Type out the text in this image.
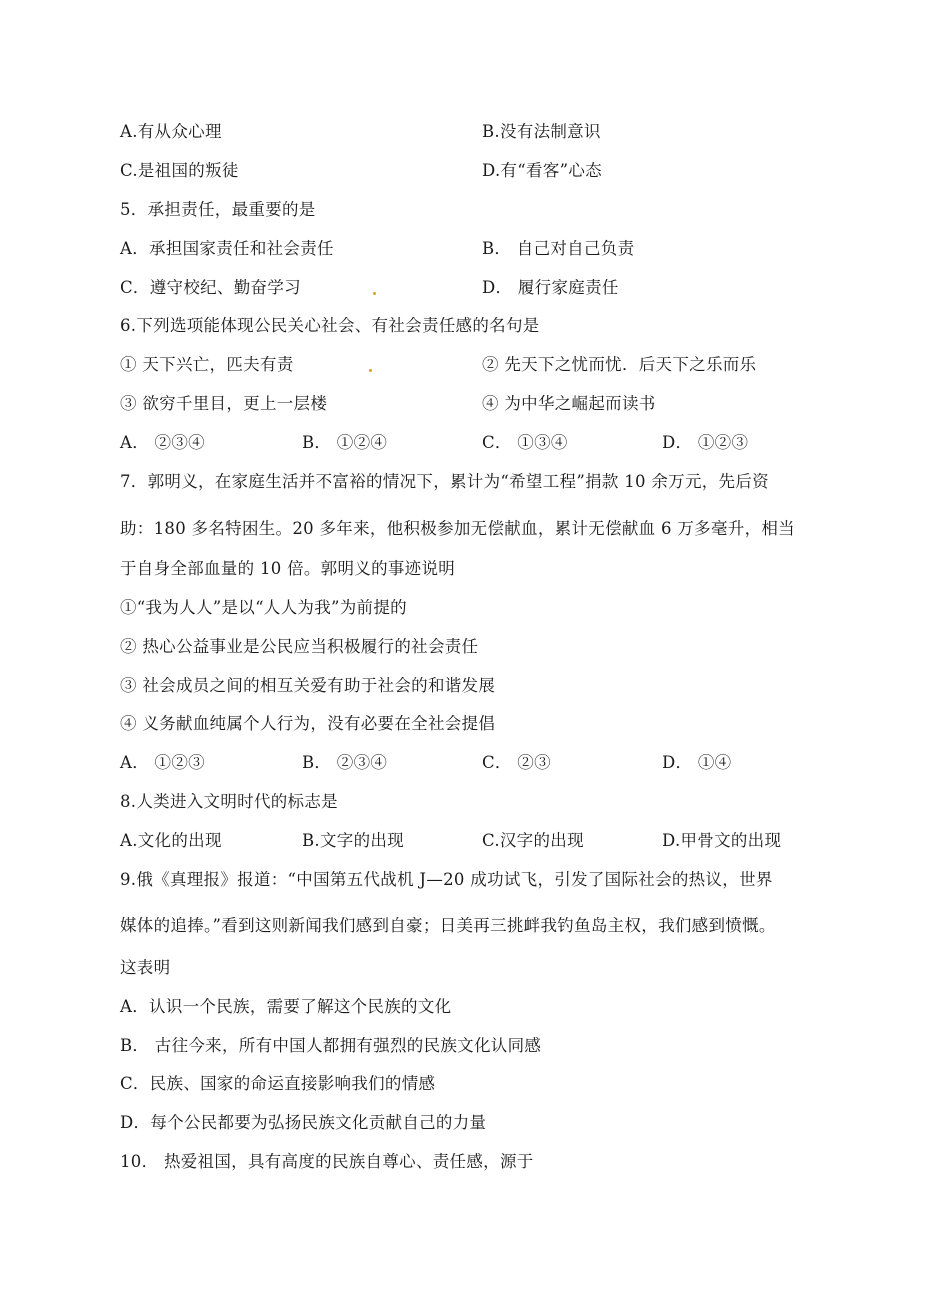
A.有从众心理	B.没有法制意识
C.是祖国的叛徒	D.有“看客”心态
5．承担责任，最重要的是
A．承担国家责任和社会责任	B． 自己对自己负责
C．遵守校纪、勤奋学习	D． 履行家庭责任
6.下列选项能体现公民关心社会、有社会责任感的名句是
① 天下兴亡，匹夫有责	② 先天下之忧而忧．后天下之乐而乐
③ 欲穷千里目，更上一层楼	④ 为中华之崛起而读书
A． ②③④	B． ①②④	C． ①③④	D． ①②③
7．郭明义，在家庭生活并不富裕的情况下，累计为“希望工程”捐款 10 余万元，先后资
助：180 多名特困生。20 多年来，他积极参加无偿献血，累计无偿献血 6 万多毫升，相当
于自身全部血量的 10 倍。郭明义的事迹说明
①“我为人人”是以“人人为我”为前提的
② 热心公益事业是公民应当积极履行的社会责任
③ 社会成员之间的相互关爱有助于社会的和谐发展
④ 义务献血纯属个人行为，没有必要在全社会提倡
A． ①②③	B． ②③④	C． ②③	D． ①④
8.人类进入文明时代的标志是
A.文化的出现	B.文字的出现	C.汉字的出现	D.甲骨文的出现
9.俄《真理报》报道：“中国第五代战机 J—20 成功试飞，引发了国际社会的热议，世界
媒体的追捧。”看到这则新闻我们感到自豪；日美再三挑衅我钓鱼岛主权，我们感到愤慨。
这表明
A．认识一个民族，需要了解这个民族的文化
B． 古往今来，所有中国人都拥有强烈的民族文化认同感
C．民族、国家的命运直接影响我们的情感
D．每个公民都要为弘扬民族文化贡献自己的力量
10． 热爱祖国，具有高度的民族自尊心、责任感，源于
